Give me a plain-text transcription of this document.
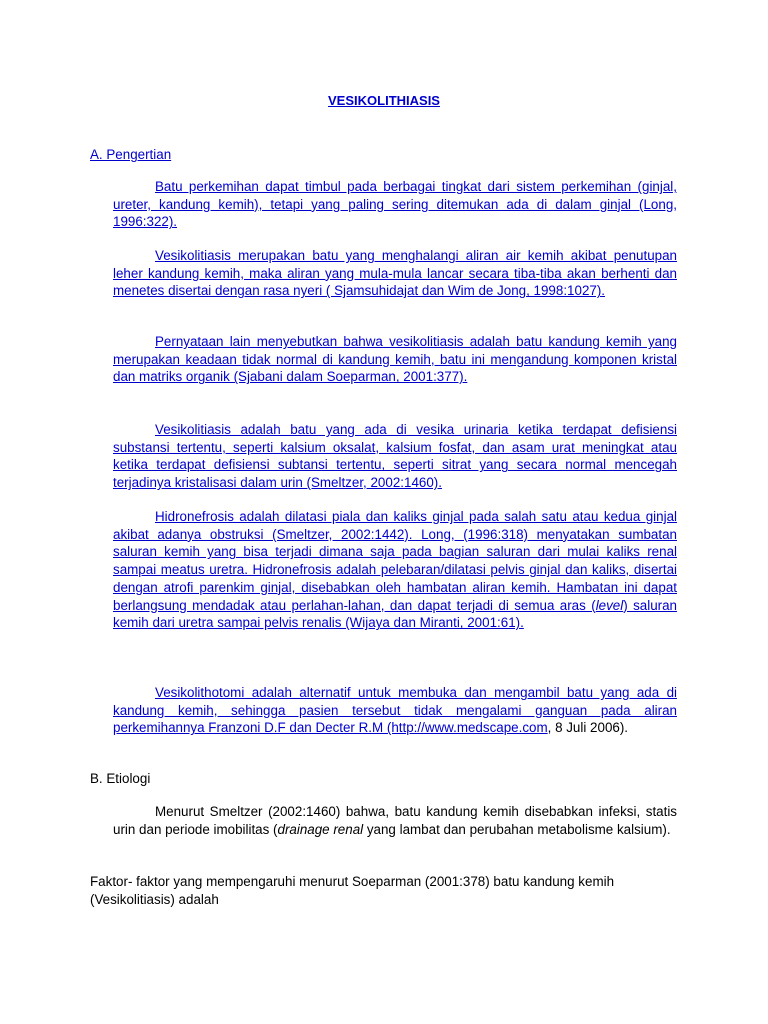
VESIKOLITHIASIS
A. Pengertian

Batu perkemihan dapat timbul pada berbagai tingkat dari sistem perkemihan (ginjal, ureter, kandung kemih), tetapi yang paling sering ditemukan ada di dalam ginjal (Long, 1996:322).

Vesikolitiasis merupakan batu yang menghalangi aliran air kemih akibat penutupan leher kandung kemih, maka aliran yang mula-mula lancar secara tiba-tiba akan berhenti dan menetes disertai dengan rasa nyeri ( Sjamsuhidajat dan Wim de Jong, 1998:1027).

Pernyataan lain menyebutkan bahwa vesikolitiasis adalah batu kandung kemih yang merupakan keadaan tidak normal di kandung kemih, batu ini mengandung komponen kristal dan matriks organik (Sjabani dalam Soeparman, 2001:377).

Vesikolitiasis adalah batu yang ada di vesika urinaria ketika terdapat defisiensi substansi tertentu, seperti kalsium oksalat, kalsium fosfat, dan asam urat meningkat atau ketika terdapat defisiensi subtansi tertentu, seperti sitrat yang secara normal mencegah terjadinya kristalisasi dalam urin (Smeltzer, 2002:1460).

Hidronefrosis adalah dilatasi piala dan kaliks ginjal pada salah satu atau kedua ginjal akibat adanya obstruksi (Smeltzer, 2002:1442). Long, (1996:318) menyatakan sumbatan saluran kemih yang bisa terjadi dimana saja pada bagian saluran dari mulai kaliks renal sampai meatus uretra. Hidronefrosis adalah pelebaran/dilatasi pelvis ginjal dan kaliks, disertai dengan atrofi parenkim ginjal, disebabkan oleh hambatan aliran kemih. Hambatan ini dapat berlangsung mendadak atau perlahan-lahan, dan dapat terjadi di semua aras (level) saluran kemih dari uretra sampai pelvis renalis (Wijaya dan Miranti, 2001:61).

Vesikolithotomi adalah alternatif untuk membuka dan mengambil batu yang ada di kandung kemih, sehingga pasien tersebut tidak mengalami ganguan pada aliran perkemihannya Franzoni D.F dan Decter R.M (http://www.medscape.com, 8 Juli 2006).

B. Etiologi

Menurut Smeltzer (2002:1460) bahwa, batu kandung kemih disebabkan infeksi, statis urin dan periode imobilitas (drainage renal yang lambat dan perubahan metabolisme kalsium).

Faktor- faktor yang mempengaruhi menurut Soeparman (2001:378) batu kandung kemih (Vesikolitiasis) adalah
